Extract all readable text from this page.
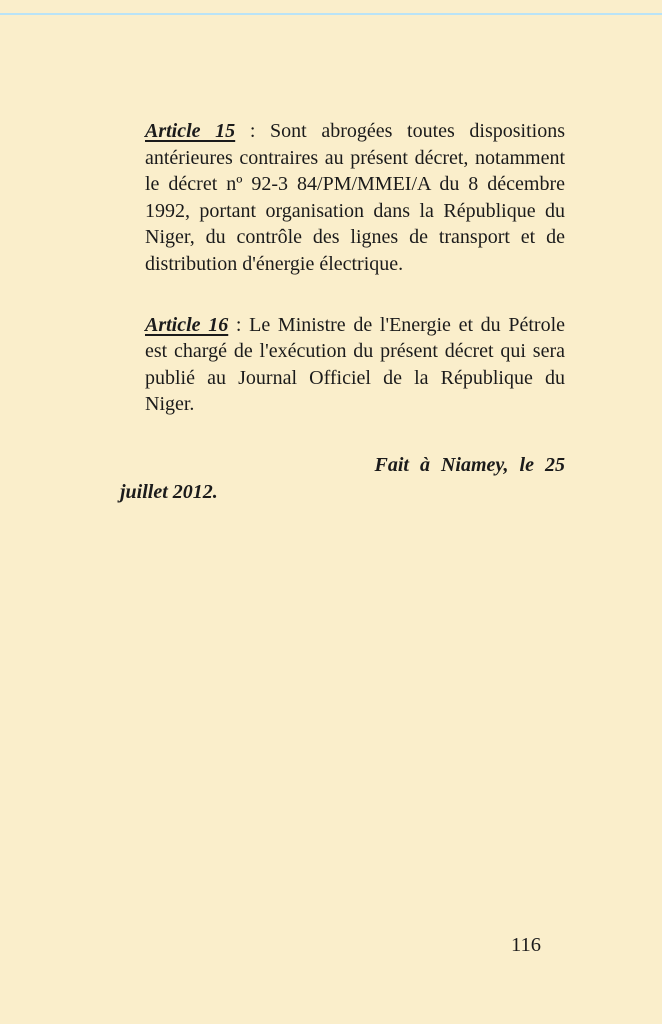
Article 15 : Sont abrogées toutes dispositions antérieures contraires au présent décret, notamment le décret nº 92-3 84/PM/MMEI/A du 8 décembre 1992, portant organisation dans la République du Niger, du contrôle des lignes de transport et de distribution d'énergie électrique.

Article 16 : Le Ministre de l'Energie et du Pétrole est chargé de l'exécution du présent décret qui sera publié au Journal Officiel de la République du Niger.

Fait à Niamey, le 25
juillet 2012.
116
